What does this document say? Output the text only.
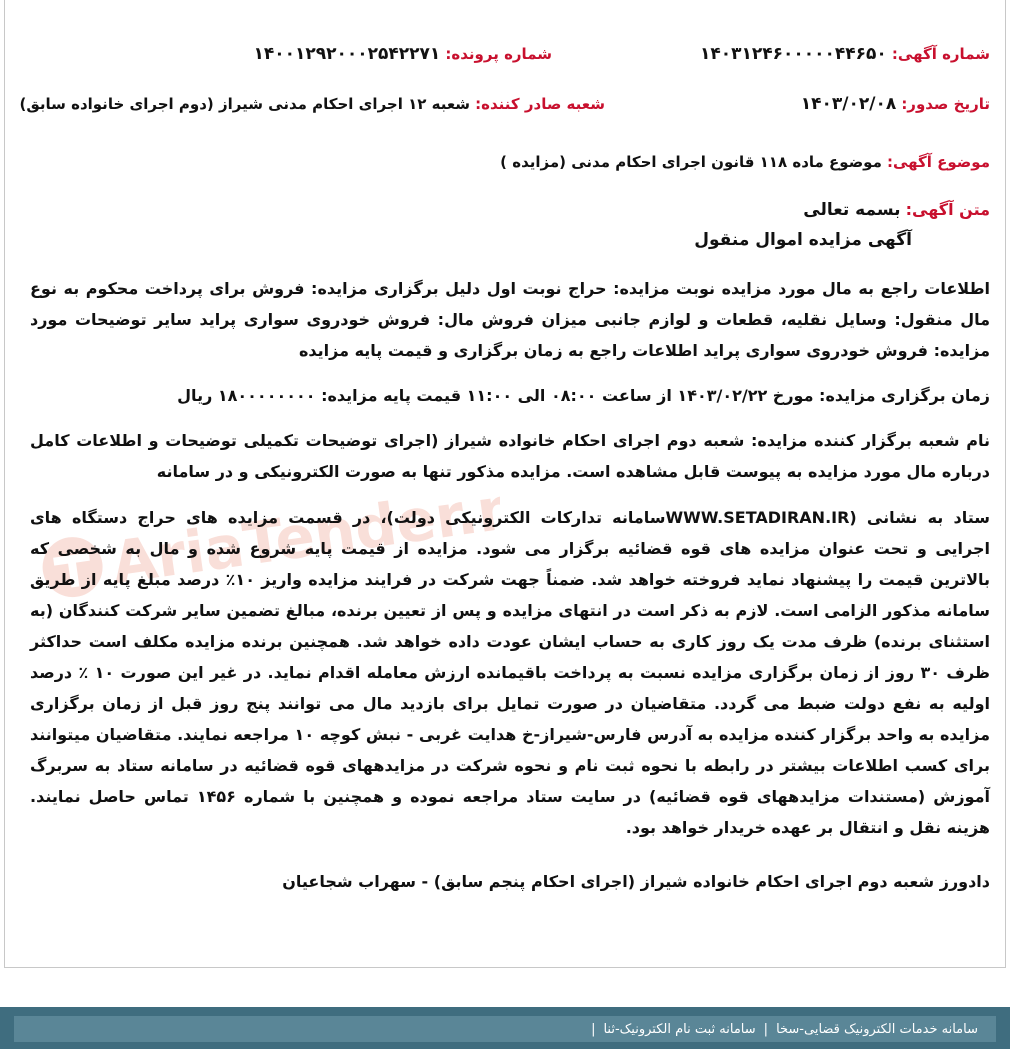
شماره آگهی: ۱۴۰۳۱۲۴۶۰۰۰۰۰۴۴۶۵۰
شماره پرونده: ۱۴۰۰۱۲۹۲۰۰۰۲۵۴۲۲۷۱
تاریخ صدور: ۱۴۰۳/۰۲/۰۸
شعبه صادر کننده: شعبه ۱۲ اجرای احکام مدنی شیراز (دوم اجرای خانواده سابق)
موضوع آگهی: موضوع ماده ۱۱۸ قانون اجرای احکام مدنی (مزایده )
متن آگهی: بسمه تعالی
آگهی مزایده اموال منقول
اطلاعات راجع به مال مورد مزایده نوبت مزایده: حراج نوبت اول دلیل برگزاری مزایده: فروش برای پرداخت محکوم به نوع مال منقول: وسایل نقلیه، قطعات و لوازم جانبی میزان فروش مال: فروش خودروی سواری پراید سایر توضیحات مورد مزایده: فروش خودروی سواری پراید اطلاعات راجع به زمان برگزاری و قیمت پایه مزایده
زمان برگزاری مزایده: مورخ ۱۴۰۳/۰۲/۲۲ از ساعت ۰۸:۰۰ الی ۱۱:۰۰ قیمت پایه مزایده: ۱۸۰۰۰۰۰۰۰۰ ریال
نام شعبه برگزار کننده مزایده: شعبه دوم اجرای احکام خانواده شیراز (اجرای توضیحات تکمیلی توضیحات و اطلاعات کامل درباره مال مورد مزایده به پیوست قابل مشاهده است. مزایده مذکور تنها به صورت الکترونیکی و در سامانه
ستاد به نشانی (WWW.SETADIRAN.IRسامانه تدارکات الکترونیکی دولت)، در قسمت مزایده های حراج دستگاه های اجرایی و تحت عنوان مزایده های قوه قضائیه برگزار می شود. مزایده از قیمت پایه شروع شده و مال به شخصی که بالاترین قیمت را پیشنهاد نماید فروخته خواهد شد. ضمناً جهت شرکت در فرایند مزایده واریز ۱۰٪ درصد مبلغ پایه از طریق سامانه مذکور الزامی است. لازم به ذکر است در انتهای مزایده و پس از تعیین برنده، مبالغ تضمین سایر شرکت کنندگان (به استثنای برنده) ظرف مدت یک روز کاری به حساب ایشان عودت داده خواهد شد. همچنین برنده مزایده مکلف است حداکثر ظرف ۳۰ روز از زمان برگزاری مزایده نسبت به پرداخت باقیمانده ارزش معامله اقدام نماید. در غیر این صورت ۱۰ ٪ درصد اولیه به نفع دولت ضبط می گردد. متقاضیان در صورت تمایل برای بازدید مال می توانند پنج روز قبل از زمان برگزاری مزایده به واحد برگزار کننده مزایده به آدرس فارس-شیراز-خ هدایت غربی - نبش کوچه ۱۰ مراجعه نمایند. متقاضیان میتوانند برای کسب اطلاعات بیشتر در رابطه با نحوه ثبت نام و نحوه شرکت در مزایدههای قوه قضائیه در سامانه ستاد به سربرگ آموزش (مستندات مزایدههای قوه قضائیه) در سایت ستاد مراجعه نموده و همچنین با شماره ۱۴۵۶ تماس حاصل نمایند. هزینه نقل و انتقال بر عهده خریدار خواهد بود.
دادورز شعبه دوم اجرای احکام خانواده شیراز (اجرای احکام پنجم سابق) - سهراب شجاعیان
سامانه خدمات الکترونیک قضایی-سخا
|
سامانه ثبت نام الکترونیک-ثنا
|
